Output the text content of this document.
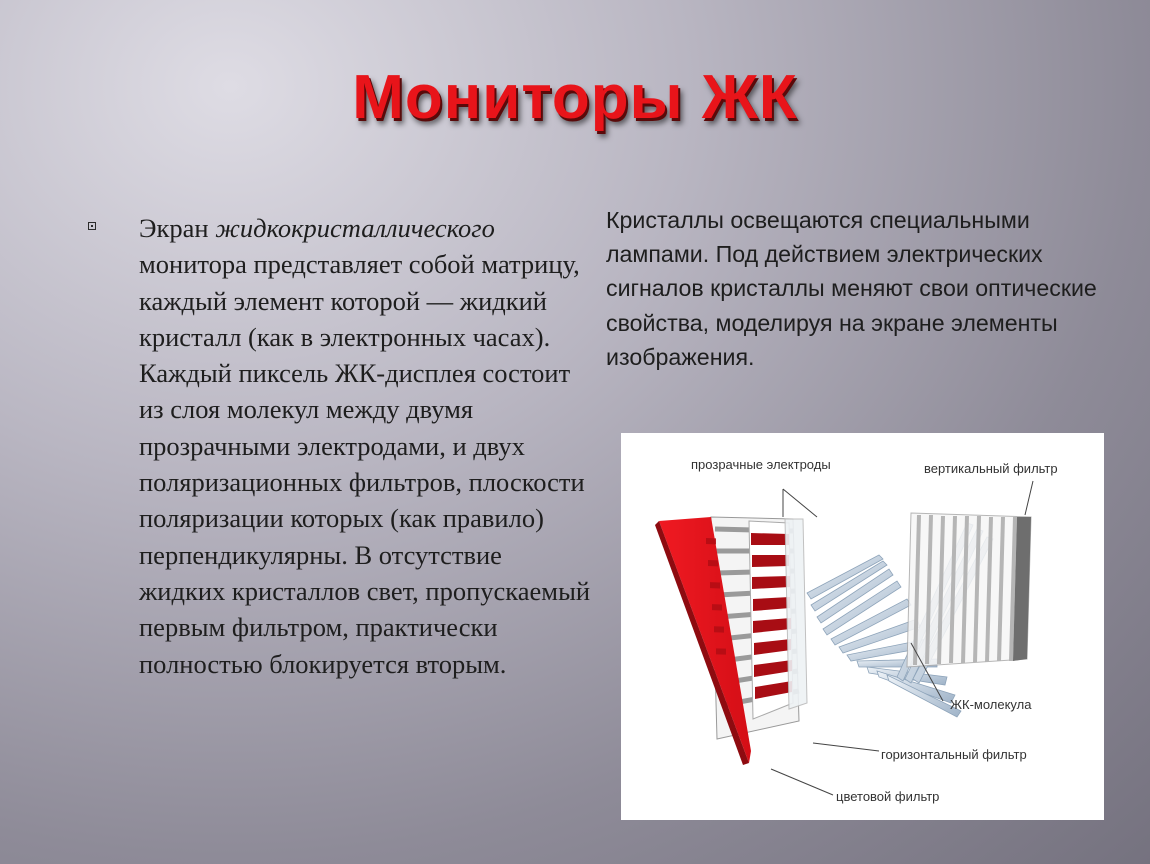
Мониторы ЖК
Экран жидкокристаллического монитора представляет собой матрицу, каждый элемент которой — жидкий кристалл (как в электронных часах). Каждый пиксель ЖК-дисплея состоит из слоя молекул между двумя прозрачными электродами, и двух поляризационных фильтров, плоскости поляризации которых (как правило) перпендикулярны. В отсутствие жидких кристаллов свет, пропускаемый первым фильтром, практически полностью блокируется вторым.
Кристаллы освещаются специальными лампами. Под действием электрических сигналов кристаллы меняют свои оптические свойства, моделируя на экране элементы изображения.
прозрачные электроды	вертикальный фильтр
ЖК-молекула
горизонтальный фильтр
цветовой фильтр
